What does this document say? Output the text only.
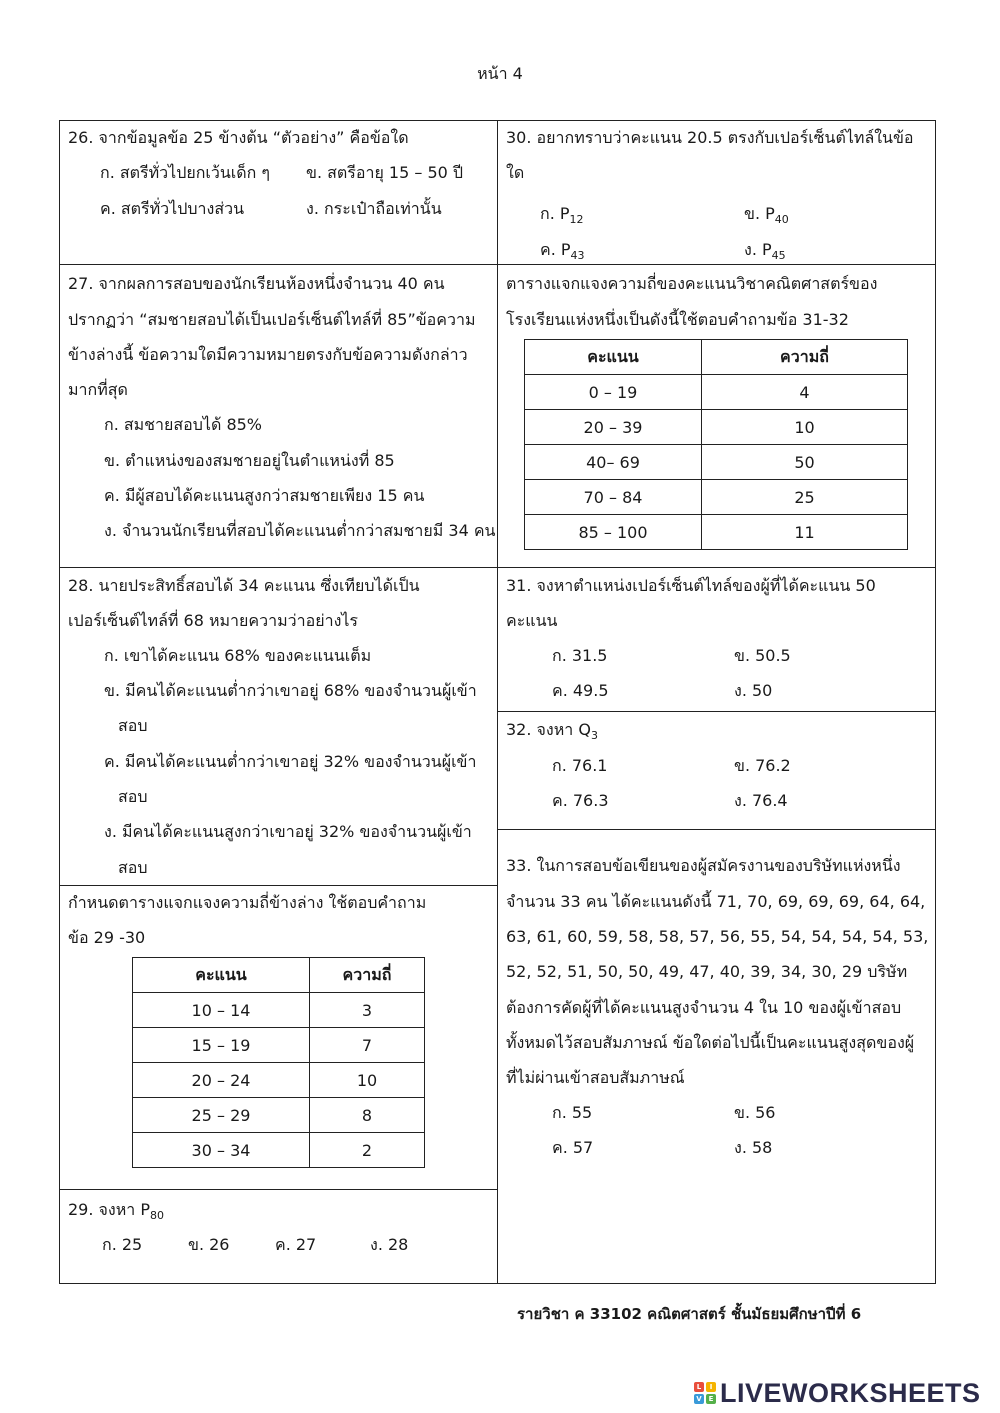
หน้า 4
26. จากข้อมูลข้อ 25 ข้างต้น “ตัวอย่าง” คือข้อใด
ก. สตรีทั่วไปยกเว้นเด็ก ๆ ข. สตรีอายุ 15 – 50 ปี
ค. สตรีทั่วไปบางส่วน	ง. กระเป๋าถือเท่านั้น
30. อยากทราบว่าคะแนน 20.5 ตรงกับเปอร์เซ็นต์ไทล์ในข้อ
ใด
ก. $P_{12}$	ข. $P_{40}$
ค. $P_{43}$	ง. $P_{45}$
27. จากผลการสอบของนักเรียนห้องหนึ่งจำนวน 40 คน
ปรากฏว่า “สมชายสอบได้เป็นเปอร์เซ็นต์ไทล์ที่ 85”ข้อความ
ข้างล่างนี้ ข้อความใดมีความหมายตรงกับข้อความดังกล่าว
มากที่สุด
ก. สมชายสอบได้ 85%
ข. ตำแหน่งของสมชายอยู่ในตำแหน่งที่ 85
ค. มีผู้สอบได้คะแนนสูงกว่าสมชายเพียง 15 คน
ง. จำนวนนักเรียนที่สอบได้คะแนนต่ำกว่าสมชายมี 34 คน
ตารางแจกแจงความถี่ของคะแนนวิชาคณิตศาสตร์ของ
โรงเรียนแห่งหนึ่งเป็นดังนี้ใช้ตอบคำถามข้อ 31-32
คะแนน	ความถี่
0 – 19	4
20 – 39	10
40– 69	50
70 – 84	25
85 – 100	11
28. นายประสิทธิ์สอบได้ 34 คะแนน ซึ่งเทียบได้เป็น
เปอร์เซ็นต์ไทล์ที่ 68 หมายความว่าอย่างไร
ก. เขาได้คะแนน 68% ของคะแนนเต็ม
ข. มีคนได้คะแนนต่ำกว่าเขาอยู่ 68% ของจำนวนผู้เข้า
สอบ
ค. มีคนได้คะแนนต่ำกว่าเขาอยู่ 32% ของจำนวนผู้เข้า
สอบ
ง. มีคนได้คะแนนสูงกว่าเขาอยู่ 32% ของจำนวนผู้เข้า
สอบ
31. จงหาตำแหน่งเปอร์เซ็นต์ไทล์ของผู้ที่ได้คะแนน 50
คะแนน
ก. 31.5	ข. 50.5
ค. 49.5	ง. 50
32. จงหา $Q_3$
ก. 76.1	ข. 76.2
ค. 76.3	ง. 76.4
33. ในการสอบข้อเขียนของผู้สมัครงานของบริษัทแห่งหนึ่ง
จำนวน 33 คน ได้คะแนนดังนี้ 71, 70, 69, 69, 69, 64, 64,
63, 61, 60, 59, 58, 58, 57, 56, 55, 54, 54, 54, 54, 53,
52, 52, 51, 50, 50, 49, 47, 40, 39, 34, 30, 29 บริษัท
ต้องการคัดผู้ที่ได้คะแนนสูงจำนวน 4 ใน 10 ของผู้เข้าสอบ
ทั้งหมดไว้สอบสัมภาษณ์ ข้อใดต่อไปนี้เป็นคะแนนสูงสุดของผู้
ที่ไม่ผ่านเข้าสอบสัมภาษณ์
ก. 55	ข. 56
ค. 57	ง. 58
กำหนดตารางแจกแจงความถี่ข้างล่าง ใช้ตอบคำถาม
ข้อ 29 -30
คะแนน	ความถี่
10 – 14	3
15 – 19	7
20 – 24	10
25 – 29	8
30 – 34	2
29. จงหา $P_{80}$
ก. 25	ข. 26	ค. 27	ง. 28
รายวิชา ค 33102 คณิตศาสตร์ ชั้นมัธยมศึกษาปีที่ 6
L	I
V E LIVEWORKSHEETS
